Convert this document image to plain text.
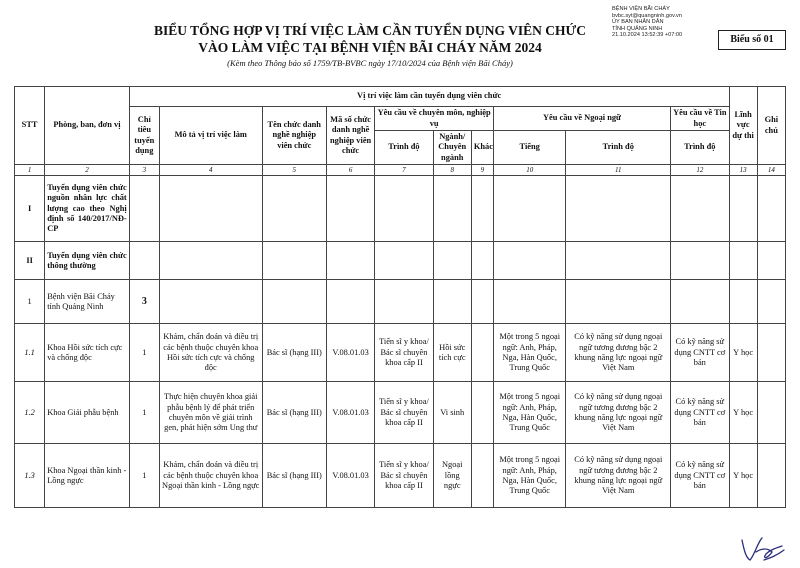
BIỂU TỔNG HỢP VỊ TRÍ VIỆC LÀM CẦN TUYỂN DỤNG VIÊN CHỨC
VÀO LÀM VIỆC TẠI BỆNH VIỆN BÃI CHÁY NĂM 2024
(Kèm theo Thông báo số 1759/TB-BVBC ngày 17/10/2024 của Bệnh viện Bãi Cháy)
BỆNH VIỆN BÃI CHÁY
bvbc.syt@quangninh.gov.vn
ỦY BAN NHÂN DÂN
TỈNH QUẢNG NINH
21.10.2024 13:52:39 +07:00	Biểu số 01
STT	Phòng, ban, đơn vị	Vị trí việc làm cần tuyển dụng viên chức										Lĩnh vực dự thi	Ghi chú
		Chỉ tiêu tuyển dụng	Mô tả vị trí việc làm	Tên chức danh nghề nghiệp viên chức	Mã số chức danh nghề nghiệp viên chức	Yêu cầu về chuyên môn, nghiệp vụ			Yêu cầu về Ngoại ngữ		Yêu cầu về Tin học		
						Trình độ	Ngành/ Chuyên ngành	Khác	Tiếng	Trình độ	Trình độ		
1	2	3	4	5	6	7	8	9	10	11	12	13	14
I	Tuyển dụng viên chức nguồn nhân lực chất lượng cao theo Nghị định số 140/2017/NĐ-CP												
II	Tuyển dụng viên chức thông thường												
1	Bệnh viện Bãi Cháy tỉnh Quảng Ninh	3											
1.1	Khoa Hồi sức tích cực và chống độc	1	Khám, chẩn đoán và điều trị các bệnh thuộc chuyên khoa Hồi sức tích cực và chống độc	Bác sĩ (hạng III)	V.08.01.03	Tiến sĩ y khoa/ Bác sĩ chuyên khoa cấp II	Hồi sức tích cực		Một trong 5 ngoại ngữ: Anh, Pháp, Nga, Hàn Quốc, Trung Quốc	Có kỹ năng sử dụng ngoại ngữ tương đương bậc 2 khung năng lực ngoại ngữ Việt Nam	Có kỹ năng sử dụng CNTT cơ bản	Y học	
1.2	Khoa Giải phẫu bệnh	1	Thực hiện chuyên khoa giải phẫu bệnh lý để phát triển chuyên môn về giải trình gen, phát hiện sớm Ung thư	Bác sĩ (hạng III)	V.08.01.03	Tiến sĩ y khoa/ Bác sĩ chuyên khoa cấp II	Vi sinh		Một trong 5 ngoại ngữ: Anh, Pháp, Nga, Hàn Quốc, Trung Quốc	Có kỹ năng sử dụng ngoại ngữ tương đương bậc 2 khung năng lực ngoại ngữ Việt Nam	Có kỹ năng sử dụng CNTT cơ bản	Y học	
1.3	Khoa Ngoại thần kinh - Lồng ngực	1	Khám, chẩn đoán và điều trị các bệnh thuộc chuyên khoa Ngoại thần kinh - Lồng ngực	Bác sĩ (hạng III)	V.08.01.03	Tiến sĩ y khoa/ Bác sĩ chuyên khoa cấp II	Ngoại lồng ngực		Một trong 5 ngoại ngữ: Anh, Pháp, Nga, Hàn Quốc, Trung Quốc	Có kỹ năng sử dụng ngoại ngữ tương đương bậc 2 khung năng lực ngoại ngữ Việt Nam	Có kỹ năng sử dụng CNTT cơ bản	Y học	
